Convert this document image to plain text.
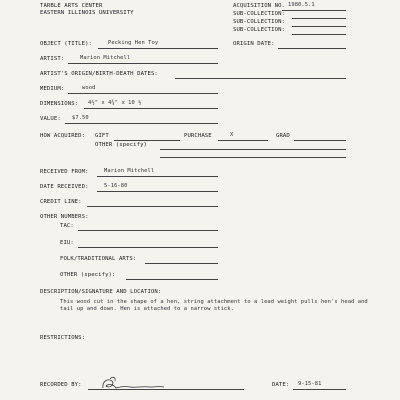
TARBLE ARTS CENTER
EASTERN ILLINOIS UNIVERSITY
ACQUISITION NO. 1980.5.1
SUB-COLLECTION:
SUB-COLLECTION:
SUB-COLLECTION:
OBJECT (TITLE):	Pecking Hen Toy	ORIGIN DATE:
ARTIST:	Marion Mitchell
ARTIST'S ORIGIN/BIRTH-DEATH DATES:
MEDIUM:	wood
DIMENSIONS: 4½" x 4¾" x 10 ½
VALUE: $7.50
HOW ACQUIRED: GIFT	PURCHASE	X	GRAD
OTHER (specify)
RECEIVED FROM:	Marion Mitchell
DATE RECEIVED:	5-16-80
CREDIT LINE:
OTHER NUMBERS:
TAC:
EIU:
FOLK/TRADITIONAL ARTS:
OTHER (specify):
DESCRIPTION/SIGNATURE AND LOCATION:
This wood cut in the shape of a hen, string attachment to a lead weight pulls hen's head and tail up and down. Hen is attached to a narrow stick.
RESTRICTIONS:
RECORDED BY:	DATE: 9-15-81
